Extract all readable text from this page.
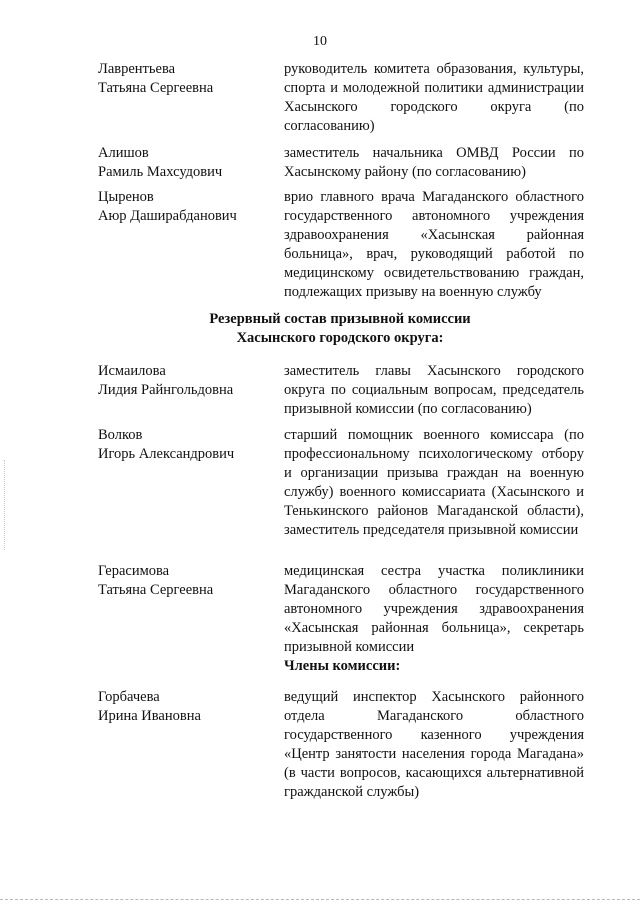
10
Лаврентьева
Татьяна Сергеевна
руководитель комитета образования, культуры, спорта и молодежной политики администрации Хасынского городского округа (по согласованию)
Алишов
Рамиль Махсудович
заместитель начальника ОМВД России по Хасынскому району (по согласованию)
Цыренов
Аюр Даширабданович
врио главного врача Магаданского областного государственного автономного учреждения здравоохранения «Хасынская районная больница», врач, руководящий работой по медицинскому освидетельствованию граждан, подлежащих призыву на военную службу
Резервный состав призывной комиссии
Хасынского городского округа:
Исмаилова
Лидия Райнгольдовна
заместитель главы Хасынского городского округа по социальным вопросам, председатель призывной комиссии (по согласованию)
Волков
Игорь Александрович
старший помощник военного комиссара (по профессиональному психологическому отбору и организации призыва граждан на военную службу) военного комиссариата (Хасынского и Тенькинского районов Магаданской области), заместитель председателя призывной комиссии
Герасимова
Татьяна Сергеевна
медицинская сестра участка поликлиники Магаданского областного государственного автономного учреждения здравоохранения «Хасынская районная больница», секретарь призывной комиссии
Члены комиссии:
Горбачева
Ирина Ивановна
ведущий инспектор Хасынского районного отдела Магаданского областного государственного казенного учреждения «Центр занятости населения города Магадана» (в части вопросов, касающихся альтернативной гражданской службы)
